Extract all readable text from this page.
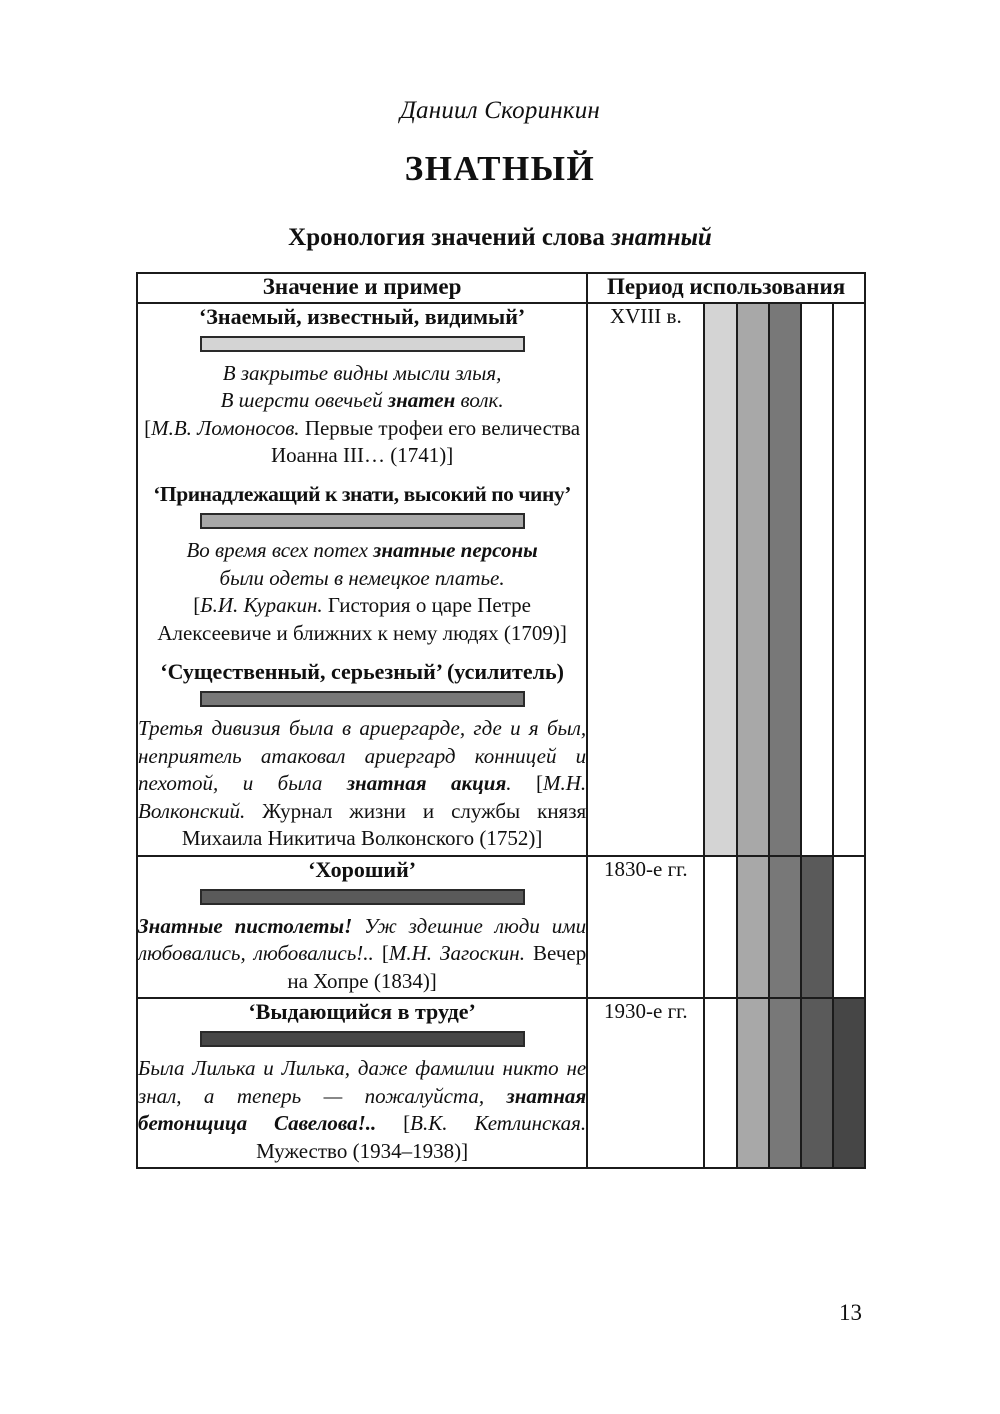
Даниил Скоринкин
ЗНАТНЫЙ
Хронология значений слова знатный
Значение и пример	Период использования					

‘Знаемый, известный, видимый’
В закрытье видны мысли злыя,
В шерсти овечьей знатен волк.
[М.В. Ломоносов. Первые трофеи его величества Иоанна III… (1741)]
‘Принадлежащий к знати, высокий по чину’
Во время всех потех знатные персоны
были одеты в немецкое платье.
[Б.И. Куракин. Гистория о царе Петре Алексеевиче и ближних к нему людях (1709)]
‘Существенный, серьезный’ (усилитель)
Третья дивизия была в ариергарде, где и я был, неприятель атаковал ариергард конницей и пехотой, и была знатная акция. [М.Н. Волконский. Журнал жизни и службы князя Михаила Никитича Волконского (1752)]
	XVIII в.					

‘Хороший’
Знатные пистолеты! Уж здешние люди ими любовались, любовались!.. [М.Н. Загоскин. Вечер на Хопре (1834)]	1830-е гг.					

‘Выдающийся в труде’
Была Лилька и Лилька, даже фамилии никто не знал, а теперь — пожалуйста, знатная бетонщица Савелова!.. [В.К. Кетлинская. Мужество (1934–1938)]	1930-е гг.					
13
